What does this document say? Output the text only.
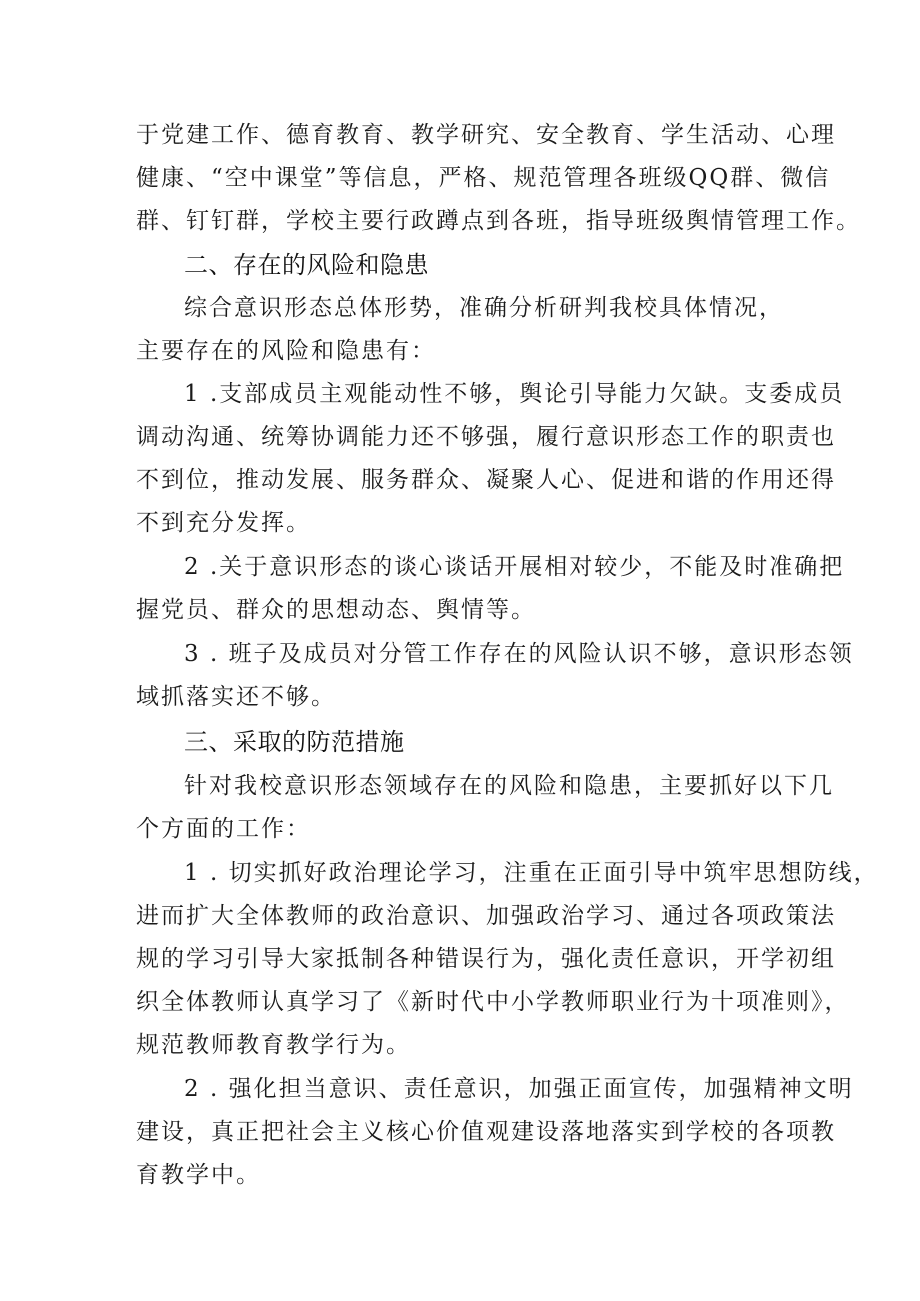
于党建工作、德育教育、教学研究、安全教育、学生活动、心理
健康、“空中课堂”等信息，严格、规范管理各班级QQ群、微信
群、钉钉群，学校主要行政蹲点到各班，指导班级舆情管理工作。
二、存在的风险和隐患
综合意识形态总体形势，准确分析研判我校具体情况，
主要存在的风险和隐患有：
1 .支部成员主观能动性不够，舆论引导能力欠缺。支委成员
调动沟通、统筹协调能力还不够强，履行意识形态工作的职责也
不到位，推动发展、服务群众、凝聚人心、促进和谐的作用还得
不到充分发挥。
2 .关于意识形态的谈心谈话开展相对较少，不能及时准确把
握党员、群众的思想动态、舆情等。
3 . 班子及成员对分管工作存在的风险认识不够，意识形态领
域抓落实还不够。
三、采取的防范措施
针对我校意识形态领域存在的风险和隐患，主要抓好以下几
个方面的工作：
1 . 切实抓好政治理论学习，注重在正面引导中筑牢思想防线，
进而扩大全体教师的政治意识、加强政治学习、通过各项政策法
规的学习引导大家抵制各种错误行为，强化责任意识，开学初组
织全体教师认真学习了《新时代中小学教师职业行为十项准则》，
规范教师教育教学行为。
2 . 强化担当意识、责任意识，加强正面宣传，加强精神文明
建设，真正把社会主义核心价值观建设落地落实到学校的各项教
育教学中。
